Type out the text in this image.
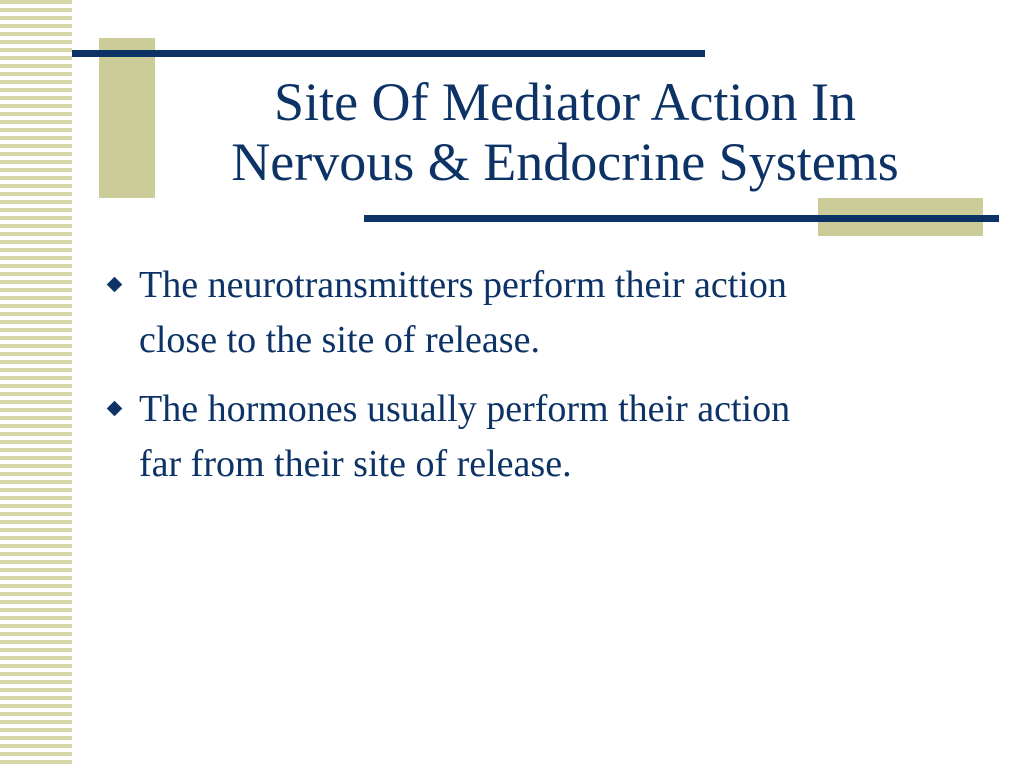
Site Of Mediator Action In
Nervous & Endocrine Systems
The neurotransmitters perform their action
close to the site of release.
The hormones usually perform their action
far from their site of release.
